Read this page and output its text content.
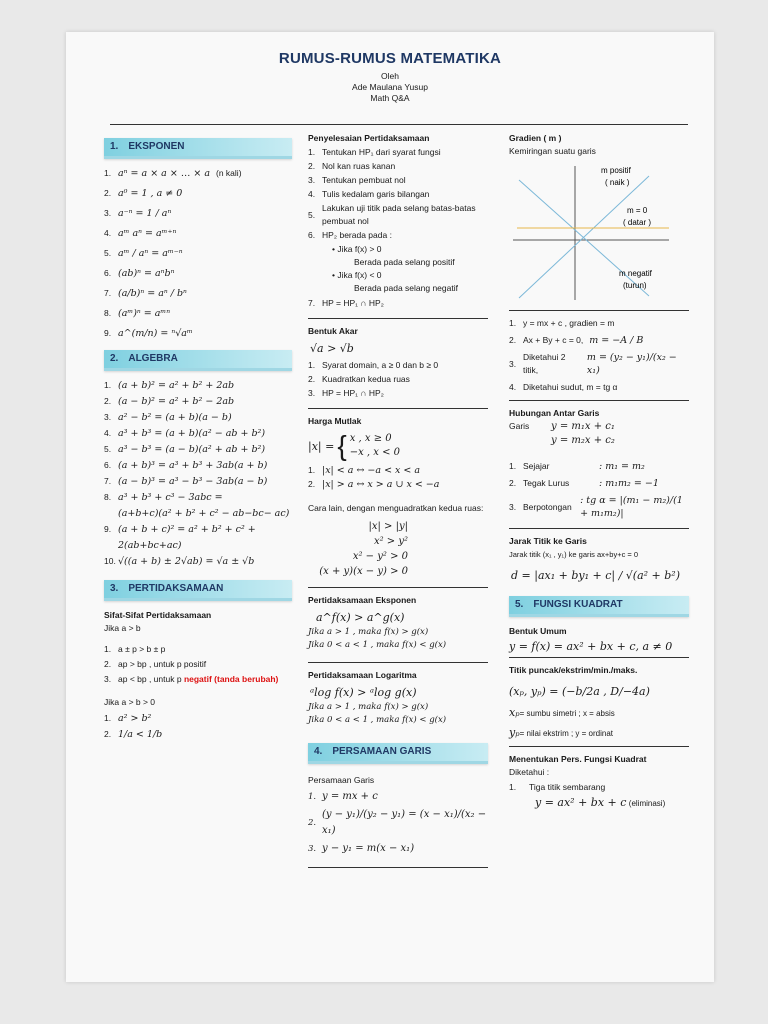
RUMUS-RUMUS MATEMATIKA
Oleh
Ade Maulana Yusup
Math Q&A
1. EKSPONEN
1. aⁿ = a × a × … × a (n kali)
2. a⁰ = 1 , a ≠ 0
3. a⁻ⁿ = 1 / aⁿ
4. aᵐ aⁿ = aᵐ⁺ⁿ
5. aᵐ / aⁿ = aᵐ⁻ⁿ
6. (ab)ⁿ = aⁿbⁿ
7. (a/b)ⁿ = aⁿ / bⁿ
8. (aᵐ)ⁿ = aᵐⁿ
9. a^(m/n) = ⁿ√aᵐ
2. ALGEBRA
1. (a + b)² = a² + b² + 2ab
2. (a − b)² = a² + b² − 2ab
3. a² − b² = (a + b)(a − b)
4. a³ + b³ = (a + b)(a² − ab + b²)
5. a³ − b³ = (a − b)(a² + ab + b²)
6. (a + b)³ = a³ + b³ + 3ab(a + b)
7. (a − b)³ = a³ − b³ − 3ab(a − b)
8. a³ + b³ + c³ − 3abc =
(a+b+c)(a² + b² + c² − ab−bc− ac)
9. (a + b + c)² = a² + b² + c² +
2(ab+bc+ac)
10. √((a + b) ± 2√ab) = √a ± √b
3. PERTIDAKSAMAAN
Sifat-Sifat Pertidaksamaan
Jika a > b
1. a ± p > b ± p
2. ap > bp , untuk p positif
3. ap < bp , untuk p negatif (tanda berubah)
Jika a > b > 0
1. a² > b²
2. 1/a < 1/b
Penyelesaian Pertidaksamaan
1. Tentukan HP₁ dari syarat fungsi
2. Nol kan ruas kanan
3. Tentukan pembuat nol
4. Tulis kedalam garis bilangan
5.
Lakukan uji titik pada selang batas-batas pembuat nol
6. HP₂ berada pada :
• Jika f(x) > 0
Berada pada selang positif
• Jika f(x) < 0
Berada pada selang negatif
7. HP = HP₁ ∩ HP₂
Bentuk Akar
√a > √b
1. Syarat domain, a ≥ 0 dan b ≥ 0
2. Kuadratkan kedua ruas
3. HP = HP₁ ∩ HP₂
Harga Mutlak
|x| = { x , x ≥ 0
−x , x < 0
1. |x| < a ↔ −a < x < a
2. |x| > a ↔ x > a ∪ x < −a
Cara lain, dengan menguadratkan kedua ruas:
|x| > |y|
x² > y²
x² − y² > 0
(x + y)(x − y) > 0
Pertidaksamaan Eksponen
a^f(x) > a^g(x)
Jika a > 1 , maka f(x) > g(x)
Jika 0 < a < 1 , maka f(x) < g(x)
Pertidaksamaan Logaritma
ᵃlog f(x) > ᵃlog g(x)
Jika a > 1 , maka f(x) > g(x)
Jika 0 < a < 1 , maka f(x) < g(x)
4. PERSAMAAN GARIS
Persamaan Garis
1. y = mx + c
2.
(y − y₁)/(y₂ − y₁) = (x − x₁)/(x₂ − x₁)
3. y − y₁ = m(x − x₁)
Gradien ( m )
Kemiringan suatu garis
m positif
( naik )
m = 0
( datar )
m negatif
(turun)
1. y = mx + c , gradien = m
2. Ax + By + c = 0, m = −A / B
3.
Diketahui 2 titik,
m = (y₂ − y₁)/(x₂ − x₁)
4. Diketahui sudut, m = tg α
Hubungan Antar Garis
Garis	y = m₁x + c₁
y = m₂x + c₂
1. Sejajar	: m₁ = m₂
2. Tegak Lurus	: m₁m₂ = −1
3. Berpotongan
: tg α = |(m₁ − m₂)/(1 + m₁m₂)|
Jarak Titik ke Garis
Jarak titik (x₁ , y₁) ke garis ax+by+c = 0
d = |ax₁ + by₁ + c| / √(a² + b²)
5. FUNGSI KUADRAT
Bentuk Umum
y = f(x) = ax² + bx + c, a ≠ 0
Titik puncak/ekstrim/min./maks.
(xₚ, yₚ) = (−b/2a , D/−4a)
xₚ = sumbu simetri ; x = absis
yₚ = nilai ekstrim ; y = ordinat
Menentukan Pers. Fungsi Kuadrat
Diketahui :
1.	Tiga titik sembarang
y = ax² + bx + c (eliminasi)
